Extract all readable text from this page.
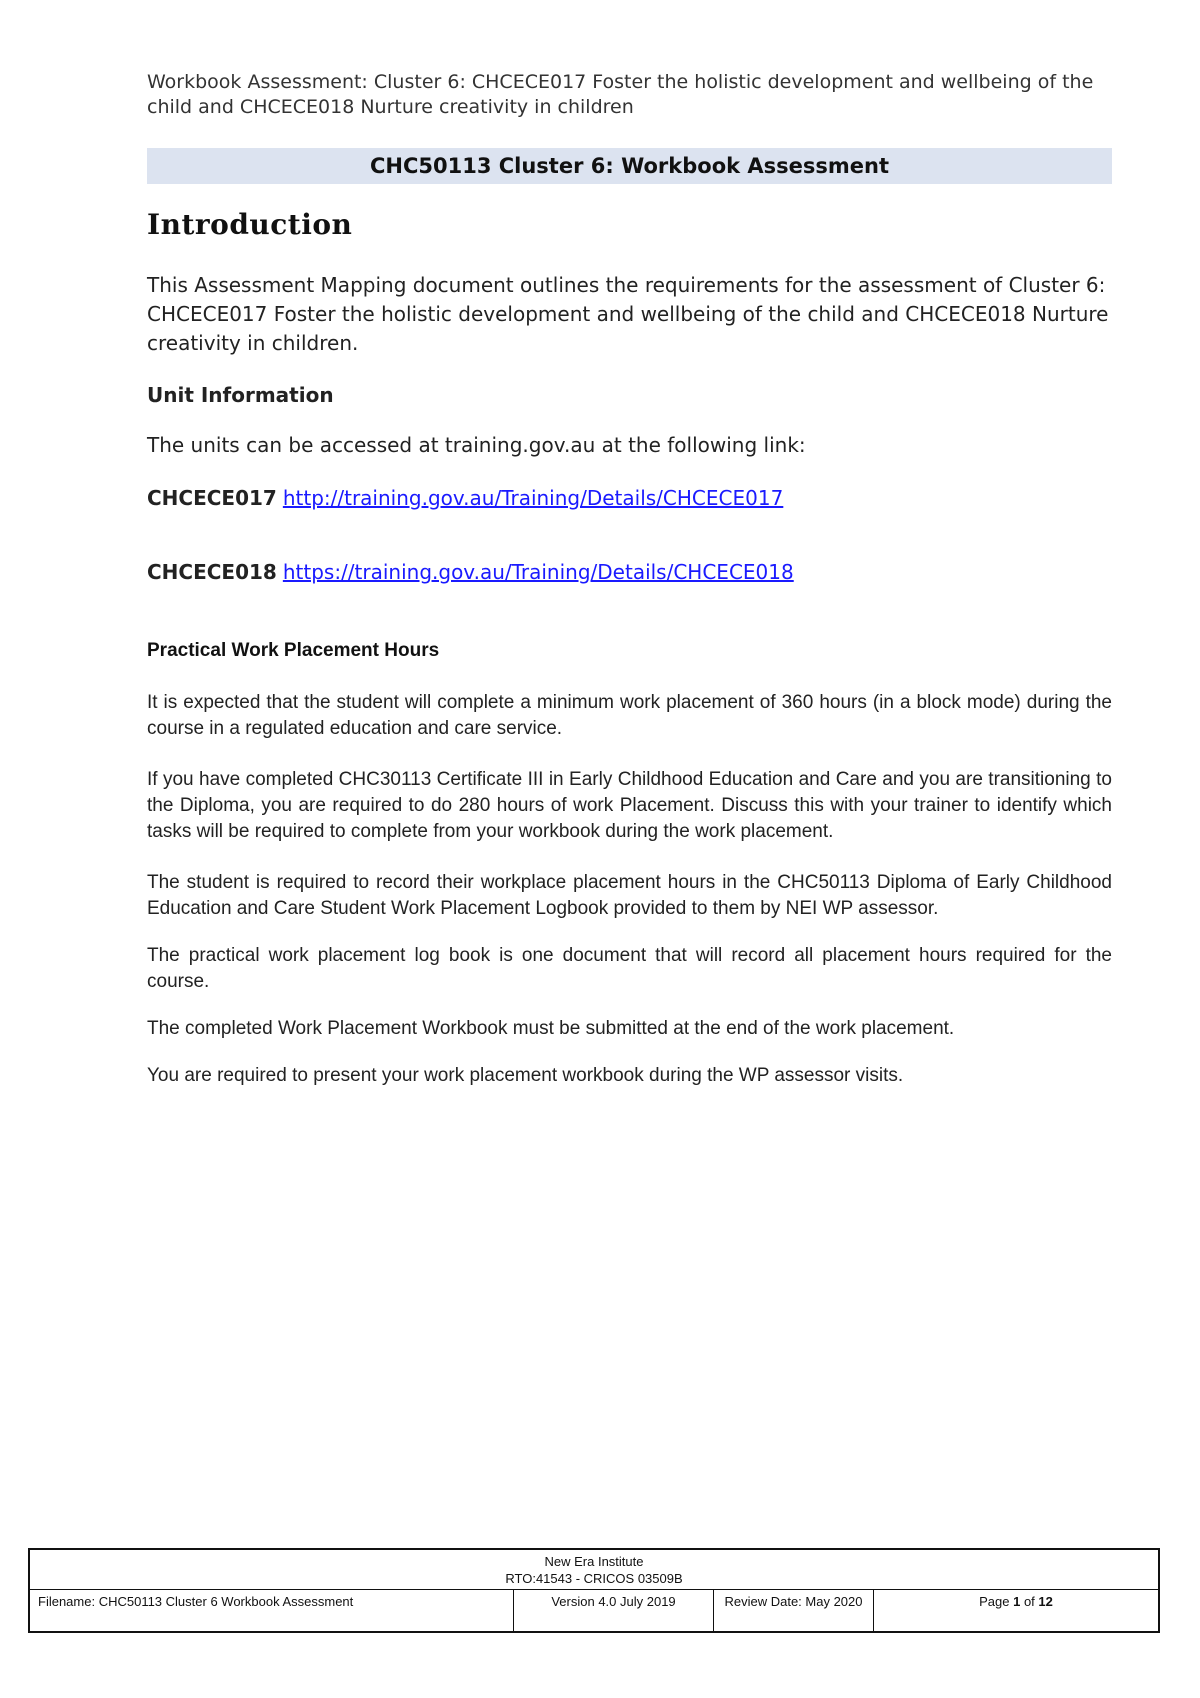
Workbook Assessment: Cluster 6: CHCECE017 Foster the holistic development and wellbeing of the child and CHCECE018 Nurture creativity in children
CHC50113 Cluster 6: Workbook Assessment
Introduction
This Assessment Mapping document outlines the requirements for the assessment of Cluster 6: CHCECE017 Foster the holistic development and wellbeing of the child and CHCECE018 Nurture creativity in children.
Unit Information
The units can be accessed at training.gov.au at the following link:
CHCECE017 http://training.gov.au/Training/Details/CHCECE017
CHCECE018 https://training.gov.au/Training/Details/CHCECE018
Practical Work Placement Hours
It is expected that the student will complete a minimum work placement of 360 hours (in a block mode) during the course in a regulated education and care service.
If you have completed CHC30113 Certificate III in Early Childhood Education and Care and you are transitioning to the Diploma, you are required to do 280 hours of work Placement. Discuss this with your trainer to identify which tasks will be required to complete from your workbook during the work placement.
The student is required to record their workplace placement hours in the CHC50113 Diploma of Early Childhood Education and Care Student Work Placement Logbook provided to them by NEI WP assessor.
The practical work placement log book is one document that will record all placement hours required for the course.
The completed Work Placement Workbook must be submitted at the end of the work placement.
You are required to present your work placement workbook during the WP assessor visits.
New Era Institute
RTO:41543 - CRICOS 03509B
Filename: CHC50113 Cluster 6 Workbook Assessment	Version 4.0 July 2019	Review Date: May 2020	Page 1 of 12
